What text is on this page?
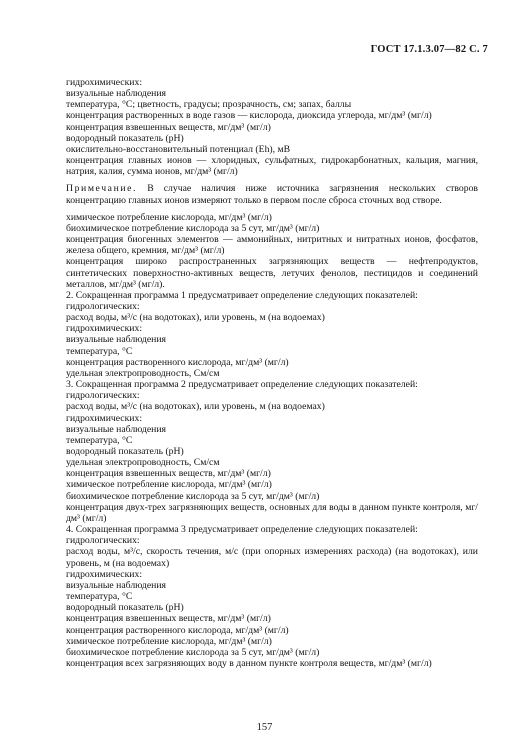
ГОСТ 17.1.3.07—82 С. 7

гидрохимических:

визуальные наблюдения

температура, °С; цветность, градусы; прозрачность, см; запах, баллы

концентрация растворенных в воде газов — кислорода, диоксида углерода, мг/дм³ (мг/л)

концентрация взвешенных веществ, мг/дм³ (мг/л)

водородный показатель (рН)

окислительно-восстановительный потенциал (Eh), мВ

концентрация главных ионов — хлоридных, сульфатных, гидрокарбонатных, кальция, магния, натрия, калия, сумма ионов, мг/дм³ (мг/л)

Примечание. В случае наличия ниже источника загрязнения нескольких створов концентрацию главных ионов измеряют только в первом после сброса сточных вод створе.

химическое потребление кислорода, мг/дм³ (мг/л)

биохимическое потребление кислорода за 5 сут, мг/дм³ (мг/л)

концентрация биогенных элементов — аммонийных, нитритных и нитратных ионов, фосфатов, железа общего, кремния, мг/дм³ (мг/л)

концентрация широко распространенных загрязняющих веществ — нефтепродуктов, синтетических поверхностно-активных веществ, летучих фенолов, пестицидов и соединений металлов, мг/дм³ (мг/л).

2. Сокращенная программа 1 предусматривает определение следующих показателей:

гидрологических:

расход воды, м³/с (на водотоках), или уровень, м (на водоемах)

гидрохимических:

визуальные наблюдения

температура, °С

концентрация растворенного кислорода, мг/дм³ (мг/л)

удельная электропроводность, См/см

3. Сокращенная программа 2 предусматривает определение следующих показателей:

гидрологических:

расход воды, м³/с (на водотоках), или уровень, м (на водоемах)

гидрохимических:

визуальные наблюдения

температура, °С

водородный показатель (рН)

удельная электропроводность, См/см

концентрация взвешенных веществ, мг/дм³ (мг/л)

химическое потребление кислорода, мг/дм³ (мг/л)

биохимическое потребление кислорода за 5 сут, мг/дм³ (мг/л)

концентрация двух-трех загрязняющих веществ, основных для воды в данном пункте контроля, мг/дм³ (мг/л)

4. Сокращенная программа 3 предусматривает определение следующих показателей:

гидрологических:

расход воды, м³/с, скорость течения, м/с (при опорных измерениях расхода) (на водотоках), или уровень, м (на водоемах)

гидрохимических:

визуальные наблюдения

температура, °С

водородный показатель (рН)

концентрация взвешенных веществ, мг/дм³ (мг/л)

концентрация растворенного кислорода, мг/дм³ (мг/л)

химическое потребление кислорода, мг/дм³ (мг/л)

биохимическое потребление кислорода за 5 сут, мг/дм³ (мг/л)

концентрация всех загрязняющих воду в данном пункте контроля веществ, мг/дм³ (мг/л)

157
